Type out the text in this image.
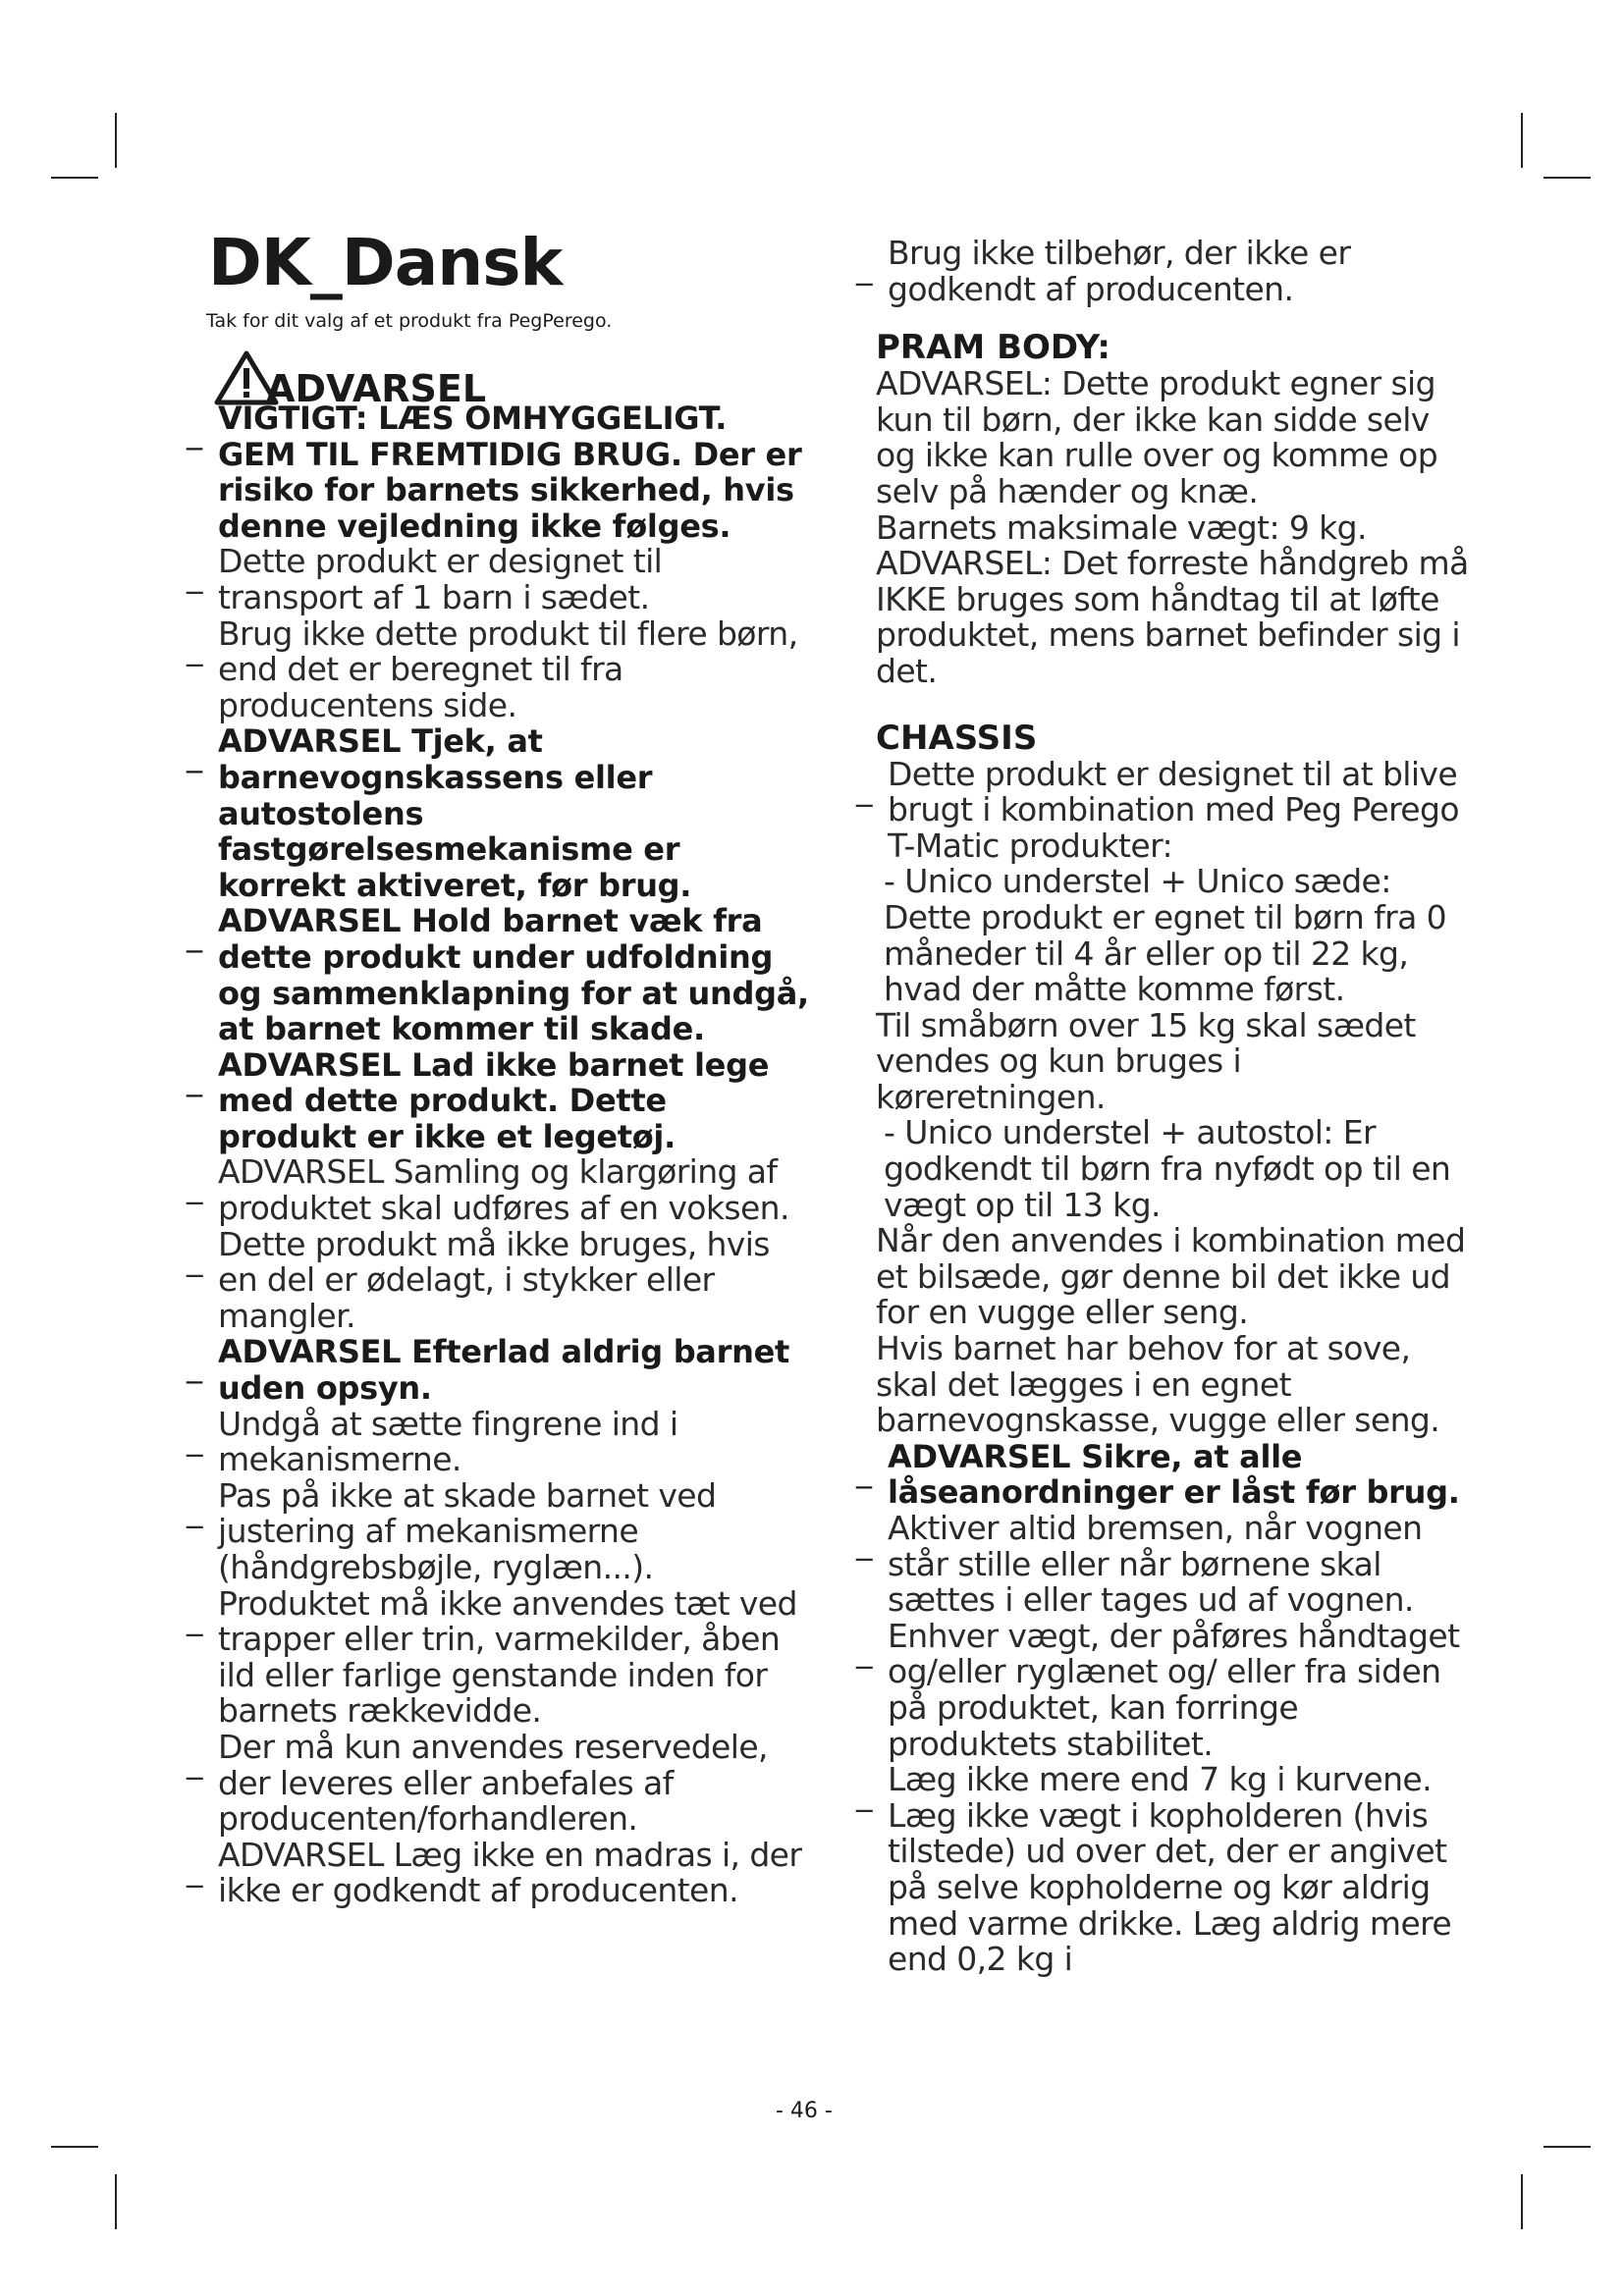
DK_Dansk

Tak for dit valg af et produkt fra PegPerego.

ADVARSEL

_ VIGTIGT: LÆS OMHYGGELIGT. GEM TIL FREMTIDIG BRUG. Der er risiko for barnets sikkerhed, hvis denne vejledning ikke følges.

_ Dette produkt er designet til transport af 1 barn i sædet.

_ Brug ikke dette produkt til flere børn, end det er beregnet til fra producentens side.

_ ADVARSEL Tjek, at barnevognskassens eller autostolens fastgørelsesmekanisme er korrekt aktiveret, før brug.

_ ADVARSEL Hold barnet væk fra dette produkt under udfoldning og sammenklapning for at undgå, at barnet kommer til skade.

_ ADVARSEL Lad ikke barnet lege med dette produkt. Dette produkt er ikke et legetøj.

_ ADVARSEL Samling og klargøring af produktet skal udføres af en voksen.

_ Dette produkt må ikke bruges, hvis en del er ødelagt, i stykker eller mangler.

_ ADVARSEL Efterlad aldrig barnet uden opsyn.

_ Undgå at sætte fingrene ind i mekanismerne.

_ Pas på ikke at skade barnet ved justering af mekanismerne (håndgrebsbøjle, ryglæn...).

_ Produktet må ikke anvendes tæt ved trapper eller trin, varmekilder, åben ild eller farlige genstande inden for barnets rækkevidde.

_ Der må kun anvendes reservedele, der leveres eller anbefales af producenten/forhandleren.

_ ADVARSEL Læg ikke en madras i, der ikke er godkendt af producenten.

_ Brug ikke tilbehør, der ikke er godkendt af producenten.

PRAM BODY:

ADVARSEL: Dette produkt egner sig kun til børn, der ikke kan sidde selv og ikke kan rulle over og komme op selv på hænder og knæ.

Barnets maksimale vægt: 9 kg.

ADVARSEL: Det forreste håndgreb må IKKE bruges som håndtag til at løfte produktet, mens barnet befinder sig i det.

CHASSIS

_ Dette produkt er designet til at blive brugt i kombination med Peg Perego T-Matic produkter:

- Unico understel + Unico sæde: Dette produkt er egnet til børn fra 0 måneder til 4 år eller op til 22 kg, hvad der måtte komme først.

Til småbørn over 15 kg skal sædet vendes og kun bruges i køreretningen.

- Unico understel + autostol: Er godkendt til børn fra nyfødt op til en vægt op til 13 kg.

Når den anvendes i kombination med et bilsæde, gør denne bil det ikke ud for en vugge eller seng.

Hvis barnet har behov for at sove, skal det lægges i en egnet barnevognskasse, vugge eller seng.

_ ADVARSEL Sikre, at alle låseanordninger er låst før brug.

_ Aktiver altid bremsen, når vognen står stille eller når børnene skal sættes i eller tages ud af vognen.

_ Enhver vægt, der påføres håndtaget og/eller ryglænet og/ eller fra siden på produktet, kan forringe produktets stabilitet.

_ Læg ikke mere end 7 kg i kurvene. Læg ikke vægt i kopholderen (hvis tilstede) ud over det, der er angivet på selve kopholderne og kør aldrig med varme drikke. Læg aldrig mere end 0,2 kg i

- 46 -
